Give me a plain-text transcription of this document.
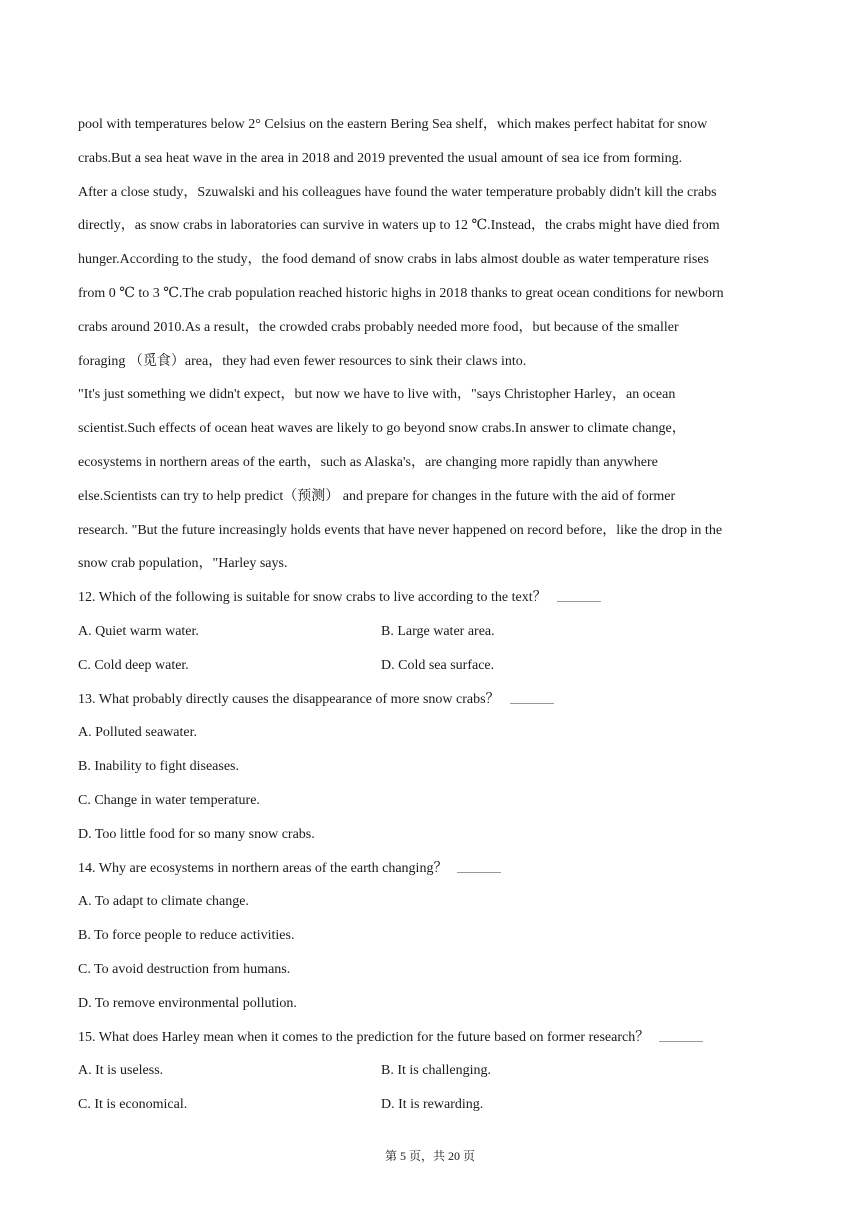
pool with temperatures below 2° Celsius on the eastern Bering Sea shelf，which makes perfect habitat for snow
crabs.But a sea heat wave in the area in 2018 and 2019 prevented the usual amount of sea ice from forming.
After a close study，Szuwalski and his colleagues have found the water temperature probably didn't kill the crabs
directly，as snow crabs in laboratories can survive in waters up to 12 ℃.Instead，the crabs might have died from
hunger.According to the study，the food demand of snow crabs in labs almost double as water temperature rises
from 0 ℃ to 3 ℃.The crab population reached historic highs in 2018 thanks to great ocean conditions for newborn
crabs around 2010.As a result，the crowded crabs probably needed more food，but because of the smaller
foraging （觅食）area，they had even fewer resources to sink their claws into.
"It's just something we didn't expect，but now we have to live with，"says Christopher Harley，an ocean
scientist.Such effects of ocean heat waves are likely to go beyond snow crabs.In answer to climate change，
ecosystems in northern areas of the earth，such as Alaska's，are changing more rapidly than anywhere
else.Scientists can try to help predict（预测） and prepare for changes in the future with the aid of former
research. "But the future increasingly holds events that have never happened on record before，like the drop in the
snow crab population，"Harley says.
12. Which of the following is suitable for snow crabs to live according to the text？
A. Quiet warm water.	B. Large water area.
C. Cold deep water.	D. Cold sea surface.
13. What probably directly causes the disappearance of more snow crabs？
A. Polluted seawater.
B. Inability to fight diseases.
C. Change in water temperature.
D. Too little food for so many snow crabs.
14. Why are ecosystems in northern areas of the earth changing？
A. To adapt to climate change.
B. To force people to reduce activities.
C. To avoid destruction from humans.
D. To remove environmental pollution.
15. What does Harley mean when it comes to the prediction for the future based on former research？
A. It is useless.	B. It is challenging.
C. It is economical.	D. It is rewarding.
第 5 页，共 20 页
